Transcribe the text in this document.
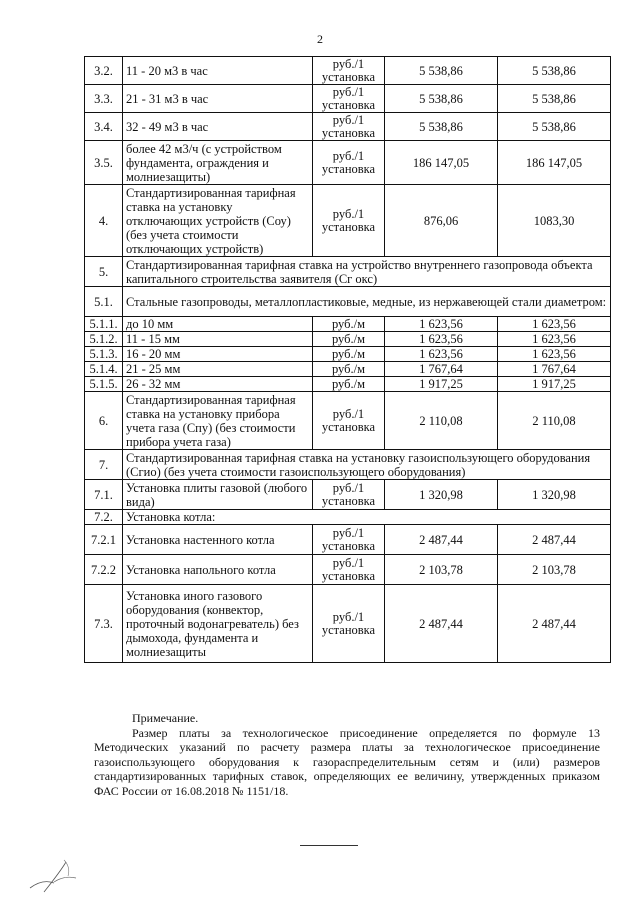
2
3.2.	11 - 20 м3 в час	руб./1 установка	5 538,86	5 538,86
3.3.	21 - 31 м3 в час	руб./1 установка	5 538,86	5 538,86
3.4.	32 - 49 м3 в час	руб./1 установка	5 538,86	5 538,86
3.5.	более 42 м3/ч (с устройством фундамента, ограждения и молниезащиты)	руб./1 установка	186 147,05	186 147,05
4.	Стандартизированная тарифная ставка на установку отключающих устройств (Соу) (без учета стоимости отключающих устройств)	руб./1 установка	876,06	1083,30
5.	Стандартизированная тарифная ставка на устройство внутреннего газопровода объекта капитального строительства заявителя (Сг окс)			
5.1.	Стальные газопроводы, металлопластиковые, медные, из нержавеющей стали диаметром:			
5.1.1.	до 10 мм	руб./м	1 623,56	1 623,56
5.1.2.	11 - 15 мм	руб./м	1 623,56	1 623,56
5.1.3.	16 - 20 мм	руб./м	1 623,56	1 623,56
5.1.4.	21 - 25 мм	руб./м	1 767,64	1 767,64
5.1.5.	26 - 32 мм	руб./м	1 917,25	1 917,25
6.	Стандартизированная тарифная ставка на установку прибора учета газа (Спу) (без стоимости прибора учета газа)	руб./1 установка	2 110,08	2 110,08
7.	Стандартизированная тарифная ставка на установку газоиспользующего оборудования (Сгио) (без учета стоимости газоиспользующего оборудования)			
7.1.	Установка плиты газовой (любого вида)	руб./1 установка	1 320,98	1 320,98
7.2.	Установка котла:			
7.2.1	Установка настенного котла	руб./1 установка	2 487,44	2 487,44
7.2.2	Установка напольного котла	руб./1 установка	2 103,78	2 103,78
7.3.	Установка иного газового оборудования (конвектор, проточный водонагреватель) без дымохода, фундамента и молниезащиты	руб./1 установка	2 487,44	2 487,44
Примечание.
Размер платы за технологическое присоединение определяется по формуле 13 Методических указаний по расчету размера платы за технологическое присоединение газоиспользующего оборудования к газораспределительным сетям и (или) размеров стандартизированных тарифных ставок, определяющих ее величину, утвержденных приказом ФАС России от 16.08.2018 № 1151/18.
